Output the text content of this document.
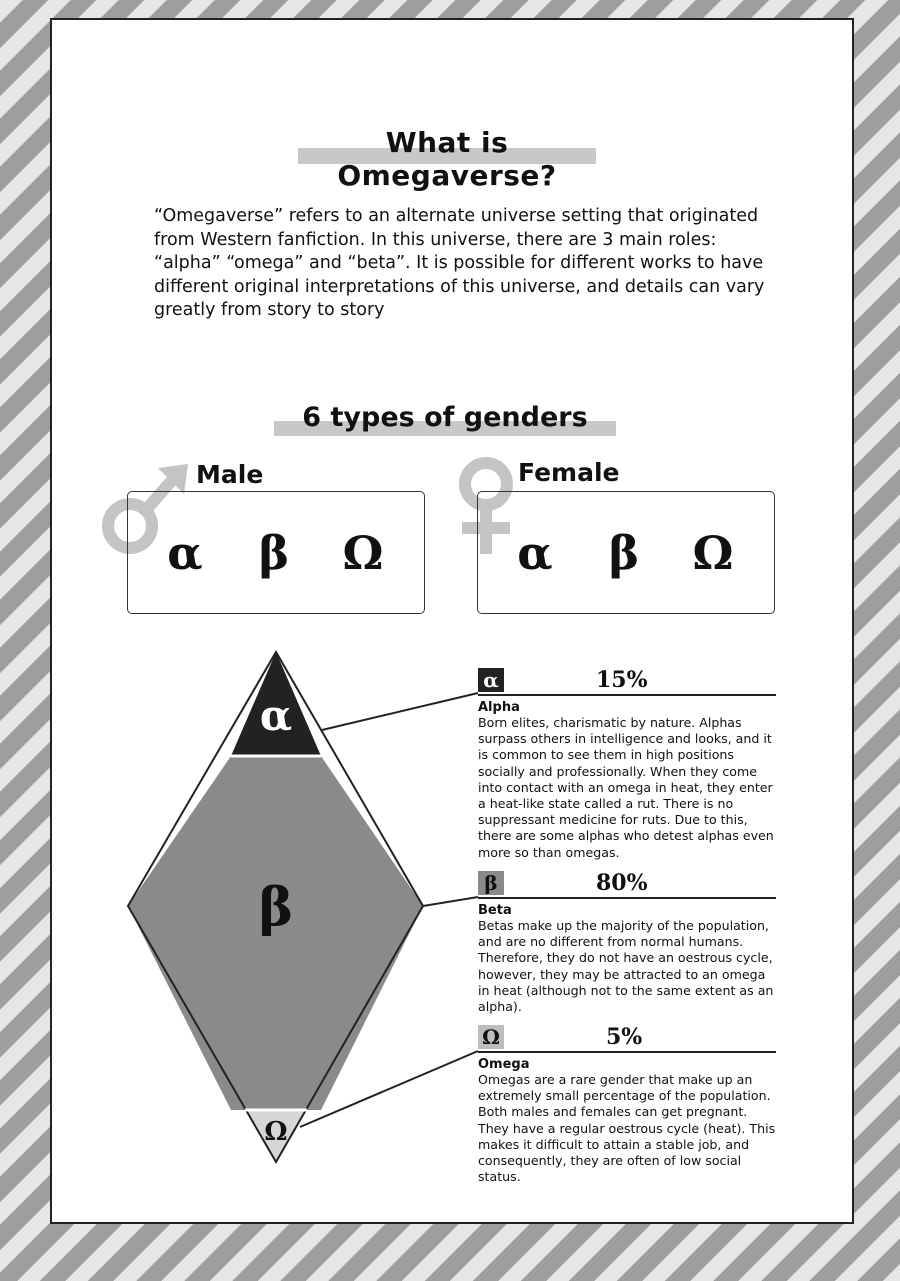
What is Omegaverse?
“Omegaverse” refers to an alternate universe setting that originated from Western fanfiction. In this universe, there are 3 main roles: “alpha” “omega” and “beta”. It is possible for different works to have different original interpretations of this universe, and details can vary greatly from story to story
6 types of genders
Male
α	β	Ω
Female
α	β	Ω
α
β
Ω
α	15%
Alpha
Born elites, charismatic by nature. Alphas surpass others in intelligence and looks, and it is common to see them in high positions socially and professionally. When they come into contact with an omega in heat, they enter a heat-like state called a rut. There is no suppressant medicine for ruts. Due to this, there are some alphas who detest alphas even more so than omegas.
β	80%
Beta
Betas make up the majority of the population, and are no different from normal humans. Therefore, they do not have an oestrous cycle, however, they may be attracted to an omega in heat (although not to the same extent as an alpha).
Ω	5%
Omega
Omegas are a rare gender that make up an extremely small percentage of the population. Both males and females can get pregnant. They have a regular oestrous cycle (heat). This makes it difficult to attain a stable job, and consequently, they are often of low social status.
